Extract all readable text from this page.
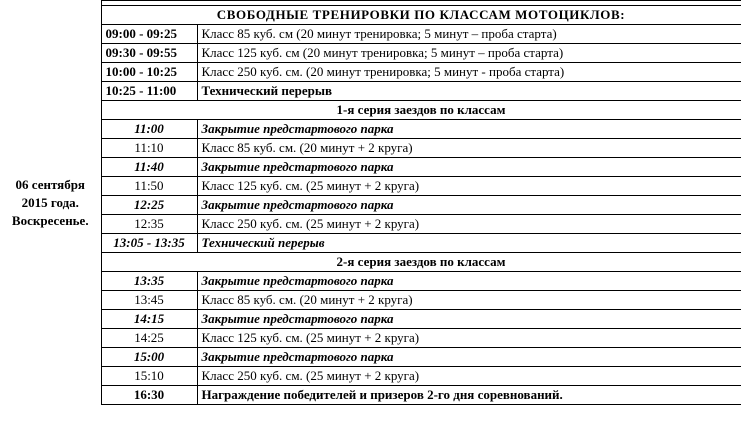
06 сентября
2015 года.
Воскресенье.		

	СВОБОДНЫЕ ТРЕНИРОВКИ ПО КЛАССАМ МОТОЦИКЛОВ:	
	09:00 - 09:25	Класс 85 куб. см (20 минут тренировка; 5 минут – проба старта)
	09:30 - 09:55	Класс 125 куб. см (20 минут тренировка; 5 минут – проба старта)
	10:00 - 10:25	Класс 250 куб. см. (20 минут тренировка; 5 минут - проба старта)
	10:25 - 11:00	Технический перерыв
	1-я серия заездов по классам	
	11:00	Закрытие предстартового парка
	11:10	Класс 85 куб. см. (20 минут + 2 круга)
	11:40	Закрытие предстартового парка
	11:50	Класс 125 куб. см. (25 минут + 2 круга)
	12:25	Закрытие предстартового парка
	12:35	Класс 250 куб. см. (25 минут + 2 круга)
	13:05 - 13:35	Технический перерыв
	2-я серия заездов по классам	
	13:35	Закрытие предстартового парка
	13:45	Класс 85 куб. см. (20 минут + 2 круга)
	14:15	Закрытие предстартового парка
	14:25	Класс 125 куб. см. (25 минут + 2 круга)
	15:00	Закрытие предстартового парка
	15:10	Класс 250 куб. см. (25 минут + 2 круга)
	16:30	Награждение победителей и призеров 2-го дня соревнований.
